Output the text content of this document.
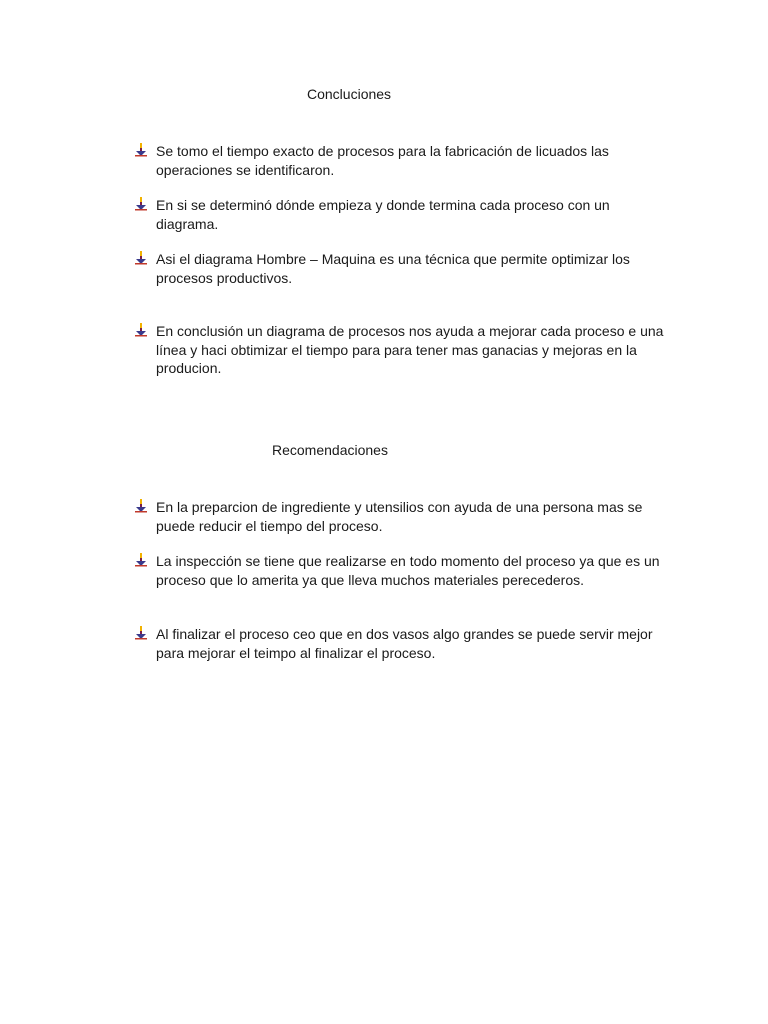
Concluciones
Se tomo el tiempo exacto de procesos para la fabricación de licuados las operaciones se identificaron.
En si se determinó dónde empieza y donde termina cada proceso con un diagrama.
Asi el diagrama Hombre – Maquina es una técnica que permite optimizar los procesos productivos.
En conclusión un diagrama de procesos nos ayuda a mejorar cada proceso e una línea y haci obtimizar el tiempo para para tener mas ganacias y mejoras en la producion.
Recomendaciones
En la preparcion de ingrediente y utensilios con ayuda de una persona mas se puede reducir el tiempo del proceso.
La inspección se tiene que realizarse en todo momento del proceso ya que es un proceso que lo amerita ya que lleva muchos materiales perecederos.
Al finalizar el proceso ceo que en dos vasos algo grandes se puede servir mejor para mejorar el teimpo al finalizar el proceso.
